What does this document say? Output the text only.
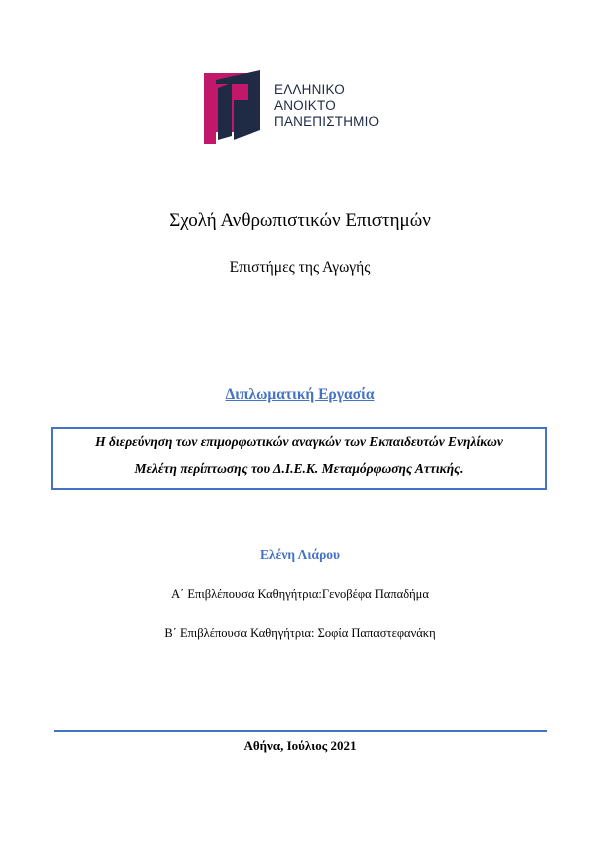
ΕΛΛΗΝΙΚΟ
ΑΝΟΙΚΤΟ
ΠΑΝΕΠΙΣΤΗΜΙΟ
Σχολή Ανθρωπιστικών Επιστημών
Επιστήμες της Αγωγής
Διπλωματική Εργασία
Η διερεύνηση των επιμορφωτικών αναγκών των Εκπαιδευτών Ενηλίκων
Μελέτη περίπτωσης του Δ.Ι.Ε.Κ. Μεταμόρφωσης Αττικής.
Ελένη Λιάρου
Α΄ Επιβλέπουσα Καθηγήτρια:Γενοβέφα Παπαδήμα
Β΄ Επιβλέπουσα Καθηγήτρια: Σοφία Παπαστεφανάκη
Αθήνα, Ιούλιος 2021
